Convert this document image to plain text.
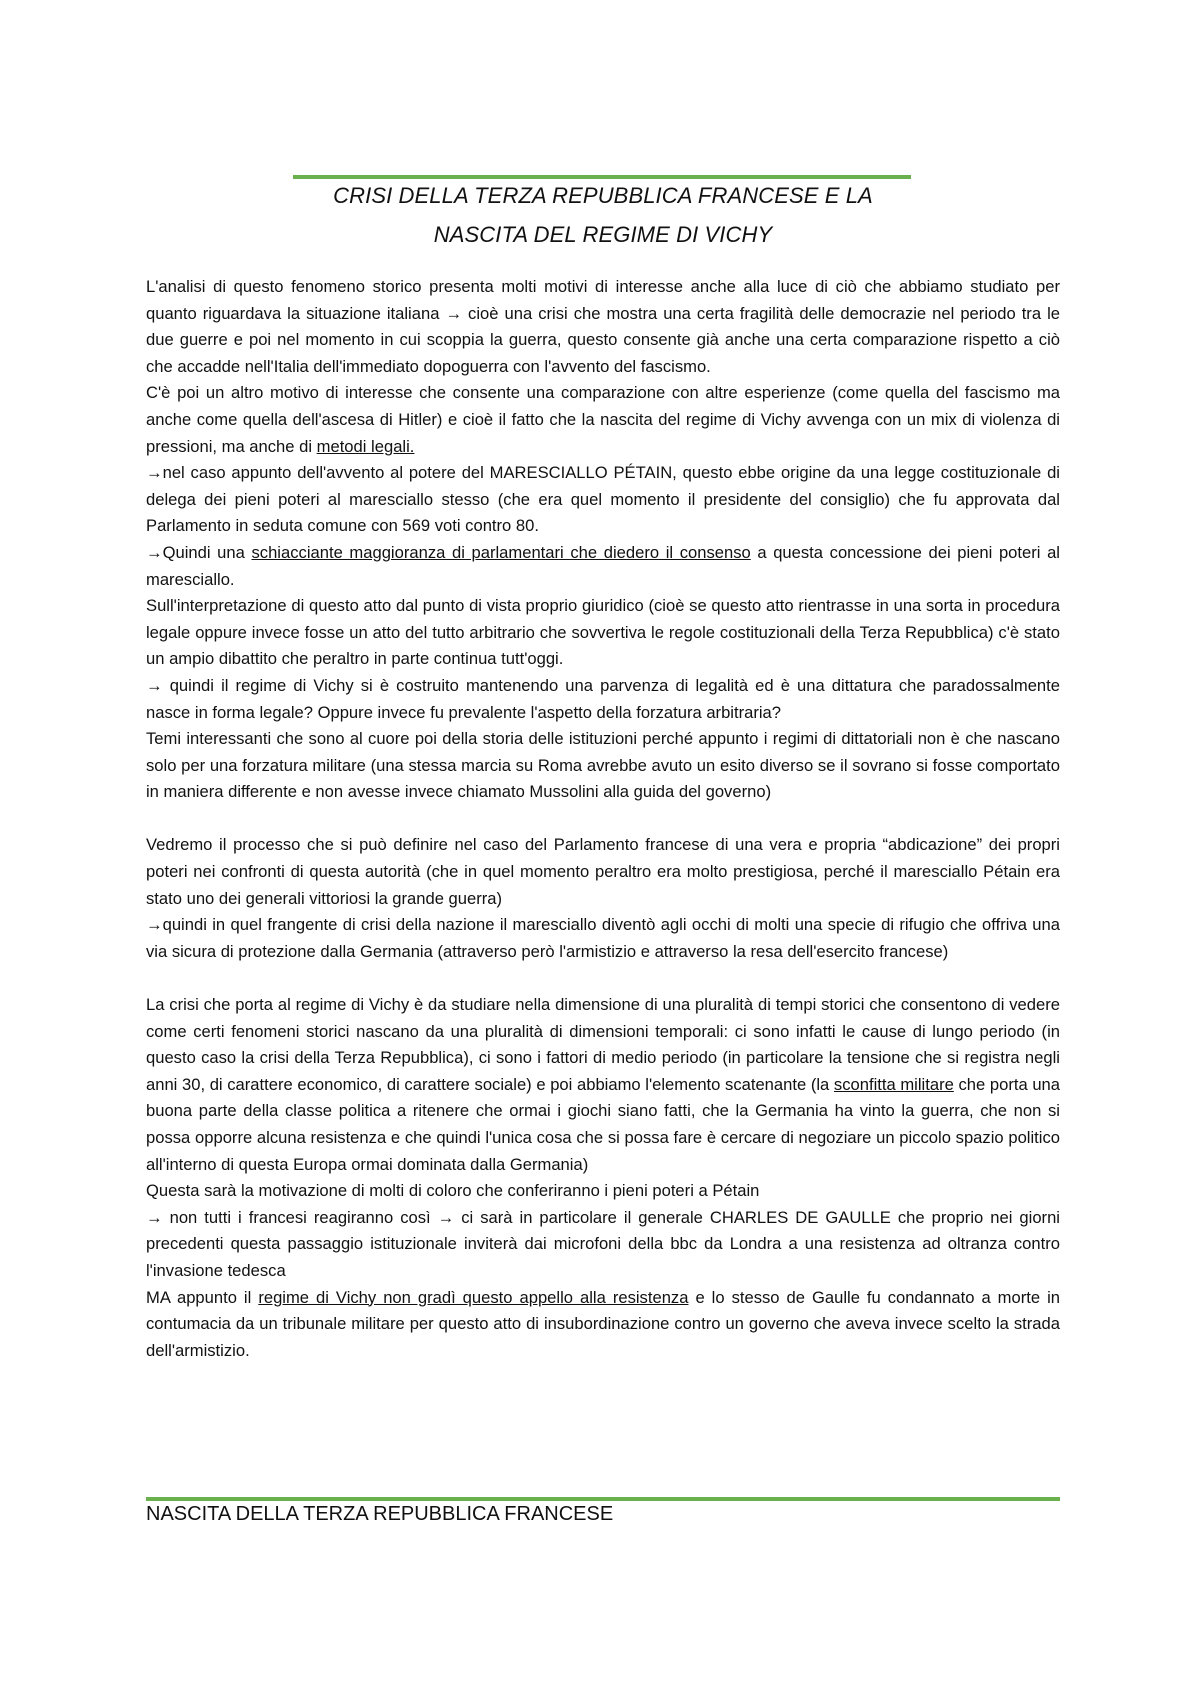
CRISI DELLA TERZA REPUBBLICA FRANCESE E LA
NASCITA DEL REGIME DI VICHY

L'analisi di questo fenomeno storico presenta molti motivi di interesse anche alla luce di ciò che abbiamo studiato per quanto riguardava la situazione italiana → cioè una crisi che mostra una certa fragilità delle democrazie nel periodo tra le due guerre e poi nel momento in cui scoppia la guerra, questo consente già anche una certa comparazione rispetto a ciò che accadde nell'Italia dell'immediato dopoguerra con l'avvento del fascismo.

C'è poi un altro motivo di interesse che consente una comparazione con altre esperienze (come quella del fascismo ma anche come quella dell'ascesa di Hitler) e cioè il fatto che la nascita del regime di Vichy avvenga con un mix di violenza di pressioni, ma anche di metodi legali.

→nel caso appunto dell'avvento al potere del MARESCIALLO PÉTAIN, questo ebbe origine da una legge costituzionale di delega dei pieni poteri al maresciallo stesso (che era quel momento il presidente del consiglio) che fu approvata dal Parlamento in seduta comune con 569 voti contro 80.

→Quindi una schiacciante maggioranza di parlamentari che diedero il consenso a questa concessione dei pieni poteri al maresciallo.

Sull'interpretazione di questo atto dal punto di vista proprio giuridico (cioè se questo atto rientrasse in una sorta in procedura legale oppure invece fosse un atto del tutto arbitrario che sovvertiva le regole costituzionali della Terza Repubblica) c'è stato un ampio dibattito che peraltro in parte continua tutt'oggi.

→ quindi il regime di Vichy si è costruito mantenendo una parvenza di legalità ed è una dittatura che paradossalmente nasce in forma legale? Oppure invece fu prevalente l'aspetto della forzatura arbitraria?

Temi interessanti che sono al cuore poi della storia delle istituzioni perché appunto i regimi di dittatoriali non è che nascano solo per una forzatura militare (una stessa marcia su Roma avrebbe avuto un esito diverso se il sovrano si fosse comportato in maniera differente e non avesse invece chiamato Mussolini alla guida del governo)

Vedremo il processo che si può definire nel caso del Parlamento francese di una vera e propria “abdicazione” dei propri poteri nei confronti di questa autorità (che in quel momento peraltro era molto prestigiosa, perché il maresciallo Pétain era stato uno dei generali vittoriosi la grande guerra)

→quindi in quel frangente di crisi della nazione il maresciallo diventò agli occhi di molti una specie di rifugio che offriva una via sicura di protezione dalla Germania (attraverso però l'armistizio e attraverso la resa dell'esercito francese)

La crisi che porta al regime di Vichy è da studiare nella dimensione di una pluralità di tempi storici che consentono di vedere come certi fenomeni storici nascano da una pluralità di dimensioni temporali: ci sono infatti le cause di lungo periodo (in questo caso la crisi della Terza Repubblica), ci sono i fattori di medio periodo (in particolare la tensione che si registra negli anni 30, di carattere economico, di carattere sociale) e poi abbiamo l'elemento scatenante (la sconfitta militare che porta una buona parte della classe politica a ritenere che ormai i giochi siano fatti, che la Germania ha vinto la guerra, che non si possa opporre alcuna resistenza e che quindi l'unica cosa che si possa fare è cercare di negoziare un piccolo spazio politico all'interno di questa Europa ormai dominata dalla Germania)

Questa sarà la motivazione di molti di coloro che conferiranno i pieni poteri a Pétain

→ non tutti i francesi reagiranno così → ci sarà in particolare il generale CHARLES DE GAULLE che proprio nei giorni precedenti questa passaggio istituzionale inviterà dai microfoni della bbc da Londra a una resistenza ad oltranza contro l'invasione tedesca

MA appunto il regime di Vichy non gradì questo appello alla resistenza e lo stesso de Gaulle fu condannato a morte in contumacia da un tribunale militare per questo atto di insubordinazione contro un governo che aveva invece scelto la strada dell'armistizio.

NASCITA DELLA TERZA REPUBBLICA FRANCESE
